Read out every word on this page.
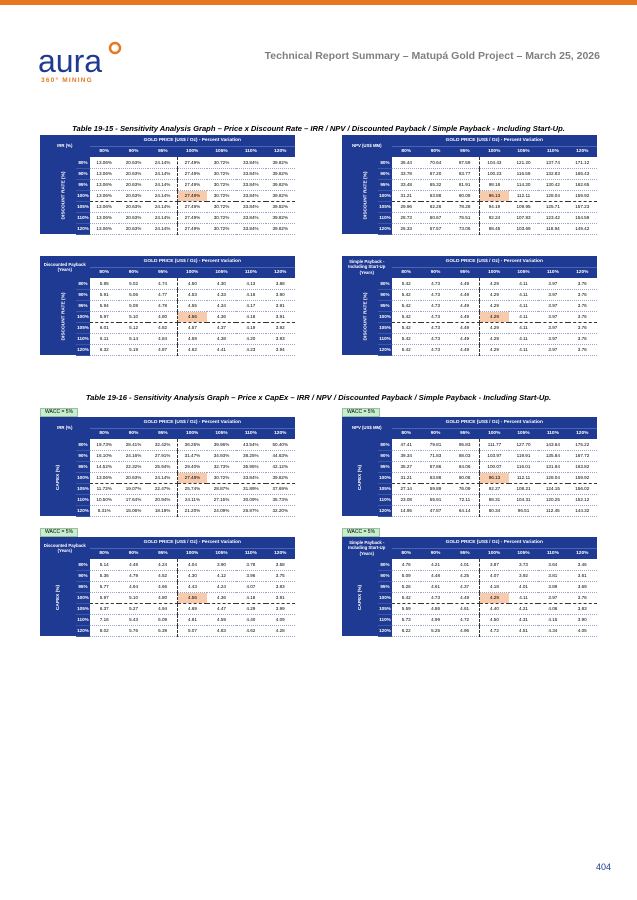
aura
360° MINING
Technical Report Summary – Matupá Gold Project – March 25, 2026
Table 19-15 - Sensitivity Analysis Graph – Price x Discount Rate – IRR / NPV / Discounted Payback / Simple Payback - Including Start-Up.
Table 19-16 - Sensitivity Analysis Graph – Price x CapEx – IRR / NPV / Discounted Payback / Simple Payback - Including Start-Up.
IRR (%)		GOLD PRICE (US$ / Oz) - Percent Variation						
		80%	90%	95%	100%	105%	110%	120%
DISCOUNT RATE (%)	80%	13.06%	20.63%	24.14%	27.49%	30.72%	33.84%	39.82%
	90%	13.06%	20.63%	24.14%	27.49%	30.72%	33.84%	39.82%
	95%	13.06%	20.63%	24.14%	27.49%	30.72%	33.84%	39.82%
	100%	13.06%	20.63%	24.14%	27.48%	30.72%	33.84%	39.82%
	105%	13.06%	20.63%	24.14%	27.49%	30.72%	33.84%	39.82%
	110%	13.06%	20.63%	24.14%	27.49%	30.72%	33.84%	39.82%
	120%	13.06%	20.63%	24.14%	27.49%	30.72%	33.84%	39.82%
NPV (US$ MM)		GOLD PRICE (US$ / Oz) - Percent Variation						
		80%	90%	95%	100%	105%	110%	120%
DISCOUNT RATE (%)	80%	36.44	70.64	87.59	104.43	121.20	137.74	171.12
	90%	33.78	67.20	83.77	100.23	116.59	132.83	165.43
	95%	33.48	65.32	81.91	98.18	114.30	130.42	162.65
	100%	31.21	63.88	80.08	96.13	112.11	128.04	159.92
	105%	29.96	62.26	78.28	94.19	109.95	125.71	157.23
	110%	28.73	60.67	76.51	92.24	107.83	123.42	154.59
	120%	26.33	57.57	73.06	88.45	103.69	118.94	149.42
Discounted Payback (Years)		GOLD PRICE (US$ / Oz) - Percent Variation						
		80%	90%	95%	100%	105%	110%	120%
DISCOUNT RATE (%)	80%	5.85	5.02	4.74	4.50	4.30	4.13	3.88
	90%	5.91	5.06	4.77	4.53	4.33	4.16	3.90
	95%	5.94	5.08	4.78	4.55	4.34	4.17	3.91
	100%	5.97	5.10	4.80	4.56	4.36	4.18	3.91
	105%	6.01	5.12	4.82	4.57	4.37	4.19	3.92
	110%	6.11	5.14	4.84	4.59	4.38	4.20	3.93
	120%	6.32	5.19	4.87	4.62	4.41	4.23	3.94
Simple Payback - Including Start-Up (Years)		GOLD PRICE (US$ / Oz) - Percent Variation						
		80%	90%	95%	100%	105%	110%	120%
DISCOUNT RATE (%)	80%	5.42	4.73	4.49	4.29	4.11	3.97	3.76
	90%	5.42	4.73	4.49	4.29	4.11	3.97	3.76
	95%	5.42	4.73	4.49	4.29	4.11	3.97	3.76
	100%	5.42	4.73	4.49	4.29	4.11	3.97	3.76
	105%	5.42	4.73	4.49	4.29	4.11	3.97	3.76
	110%	5.42	4.73	4.49	4.29	4.11	3.97	3.76
	120%	5.42	4.73	4.49	4.29	4.11	3.97	3.76
WACC = 5%
IRR (%)		GOLD PRICE (US$ / Oz) - Percent Variation						
		80%	90%	95%	100%	105%	110%	120%
CAPEX (%)	80%	19.73%	28.41%	32.42%	36.25%	39.96%	43.54%	50.40%
	90%	16.10%	24.16%	27.91%	31.47%	34.93%	38.25%	44.63%
	95%	14.52%	22.32%	25.94%	29.40%	32.73%	35.95%	42.12%
	100%	13.06%	20.63%	24.14%	27.48%	30.72%	33.84%	39.82%
	105%	11.73%	19.07%	22.47%	25.74%	28.87%	31.89%	37.69%
	110%	10.50%	17.64%	20.94%	24.11%	27.15%	30.09%	35.73%
	120%	8.31%	15.06%	18.19%	21.20%	24.09%	26.87%	32.20%
WACC = 5%
NPV (US$ MM)		GOLD PRICE (US$ / Oz) - Percent Variation						
		80%	90%	95%	100%	105%	110%	120%
CAPEX (%)	80%	47.41	79.81	95.83	111.77	127.70	143.64	175.22
	90%	39.34	71.83	88.03	103.97	119.91	135.84	167.72
	95%	35.27	67.86	84.06	100.07	116.01	131.94	163.82
	100%	31.21	63.88	80.08	96.13	112.11	128.04	159.92
	105%	27.14	59.89	76.09	92.27	108.21	124.15	156.02
	110%	23.08	55.91	72.11	88.31	104.31	120.25	152.12
	120%	14.95	47.87	64.14	80.34	96.51	112.45	144.32
WACC = 5%
Discounted Payback (Years)		GOLD PRICE (US$ / Oz) - Percent Variation						
		80%	90%	95%	100%	105%	110%	120%
CAPEX (%)	80%	5.14	4.48	4.24	4.04	3.90	3.78	3.58
	90%	5.36	4.79	4.52	4.30	4.12	3.96	3.75
	95%	5.77	4.94	4.66	4.43	4.24	4.07	3.83
	100%	5.97	5.10	4.80	4.56	4.36	4.18	3.91
	105%	6.37	5.27	4.94	4.69	4.47	4.29	3.99
	110%	7.16	5.43	5.09	4.81	4.59	4.40	4.09
	120%	8.02	5.76	5.39	5.07	4.83	4.62	4.28
WACC = 5%
Simple Payback - Including Start-Up (Years)		GOLD PRICE (US$ / Oz) - Percent Variation						
		80%	90%	95%	100%	105%	110%	120%
CAPEX (%)	80%	4.76	4.21	4.01	3.87	3.73	3.64	3.46
	90%	5.09	4.48	4.25	4.07	3.92	3.81	3.61
	95%	5.26	4.61	4.37	4.18	4.01	3.89	3.69
	100%	5.42	4.73	4.49	4.29	4.11	3.97	3.76
	105%	5.59	4.86	4.61	4.40	4.21	4.06	3.83
	110%	5.73	4.99	4.72	4.50	4.31	4.15	3.90
	120%	6.22	5.25	4.96	4.72	4.51	4.34	4.05
404
